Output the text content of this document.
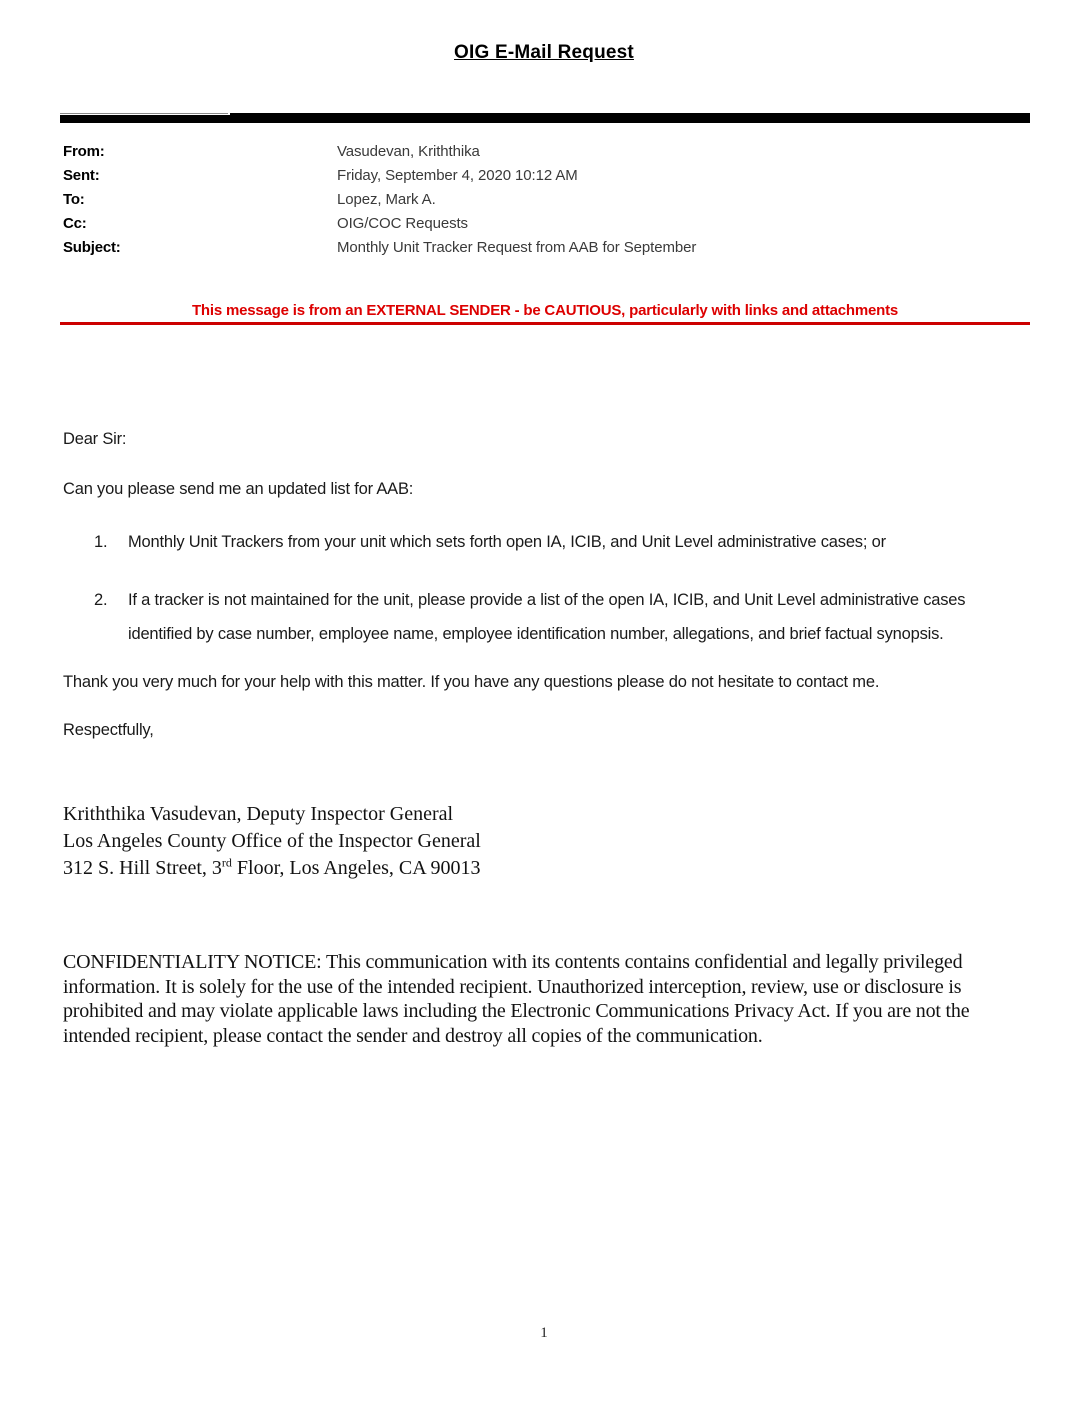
OIG E-Mail Request
From:	Vasudevan, Kriththika
Sent:	Friday, September 4, 2020 10:12 AM
To:	Lopez, Mark A.
Cc:	OIG/COC Requests
Subject:	Monthly Unit Tracker Request from AAB for September
This message is from an EXTERNAL SENDER - be CAUTIOUS, particularly with links and attachments
Dear Sir:
Can you please send me an updated list for AAB:
1.	Monthly Unit Trackers from your unit which sets forth open IA, ICIB, and Unit Level administrative cases; or
2.	If a tracker is not maintained for the unit, please provide a list of the open IA, ICIB, and Unit Level administrative cases identified by case number, employee name, employee identification number, allegations, and brief factual synopsis.
Thank you very much for your help with this matter. If you have any questions please do not hesitate to contact me.
Respectfully,
Kriththika Vasudevan, Deputy Inspector General
Los Angeles County Office of the Inspector General
312 S. Hill Street, 3rd Floor, Los Angeles, CA 90013
CONFIDENTIALITY NOTICE: This communication with its contents contains confidential and legally privileged information. It is solely for the use of the intended recipient. Unauthorized interception, review, use or disclosure is prohibited and may violate applicable laws including the Electronic Communications Privacy Act. If you are not the intended recipient, please contact the sender and destroy all copies of the communication.
1
